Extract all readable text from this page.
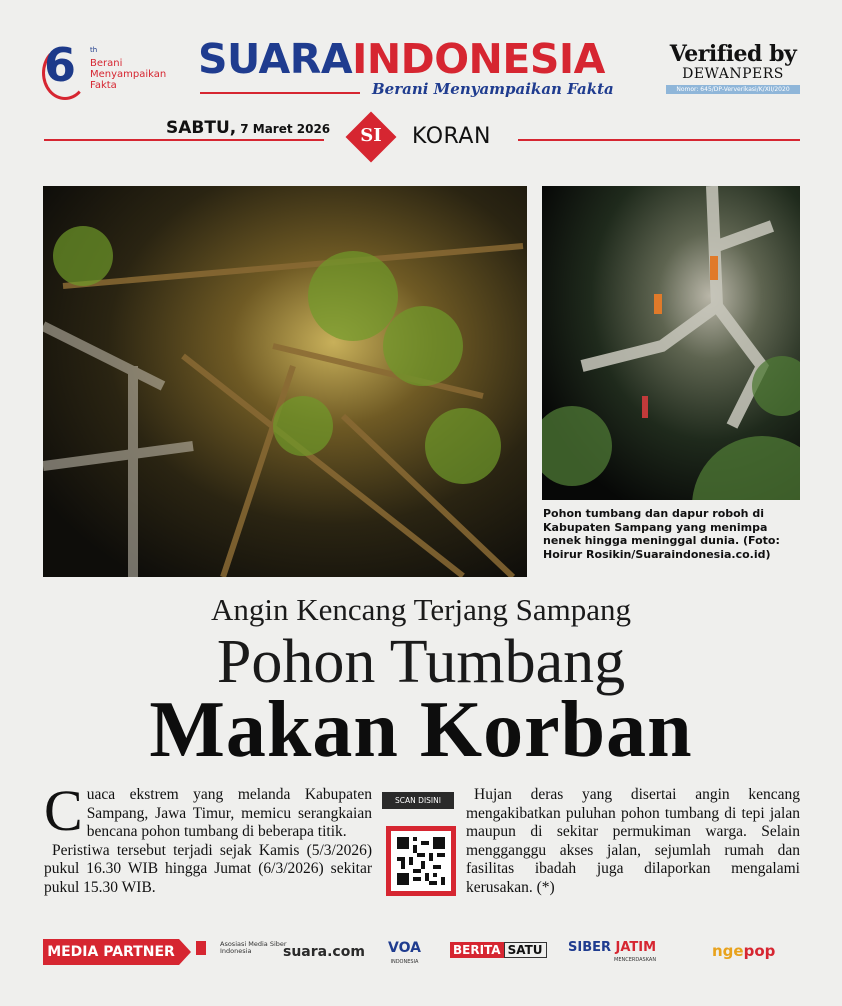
6 th
Berani Menyampaikan Fakta
SUARAINDONESIA
Berani Menyampaikan Fakta
Verified by
DEWANPERS
Nomor: 645/DP-Ververikasi/K/XII/2020
SABTU, 7 Maret 2026	SI	KORAN
Pohon tumbang dan dapur roboh di Kabupaten Sampang yang menimpa nenek hingga meninggal dunia. (Foto: Hoirur Rosikin/Suaraindonesia.co.id)
Angin Kencang Terjang Sampang
Pohon Tumbang
Makan Korban

Cuaca ekstrem yang melanda Kabupaten Sampang, Jawa Timur, memicu serangkaian bencana pohon tumbang di beberapa titik.

Peristiwa tersebut terjadi sejak Kamis (5/3/2026) pukul 16.30 WIB hingga Jumat (6/3/2026) sekitar pukul 15.30 WIB.

SCAN DISINI	Hujan deras yang disertai angin kencang mengakibatkan puluhan pohon tumbang di tepi jalan maupun di sekitar permukiman warga. Selain mengganggu akses jalan, sejumlah rumah dan fasilitas ibadah juga dilaporkan mengalami kerusakan. (*)

MEDIA PARTNER	Asosiasi Media Siber Indonesia	suara.com VOA
INDONESIA
BERITA SATU	SIBER JATIM
MENCERDASKAN	ngepop
